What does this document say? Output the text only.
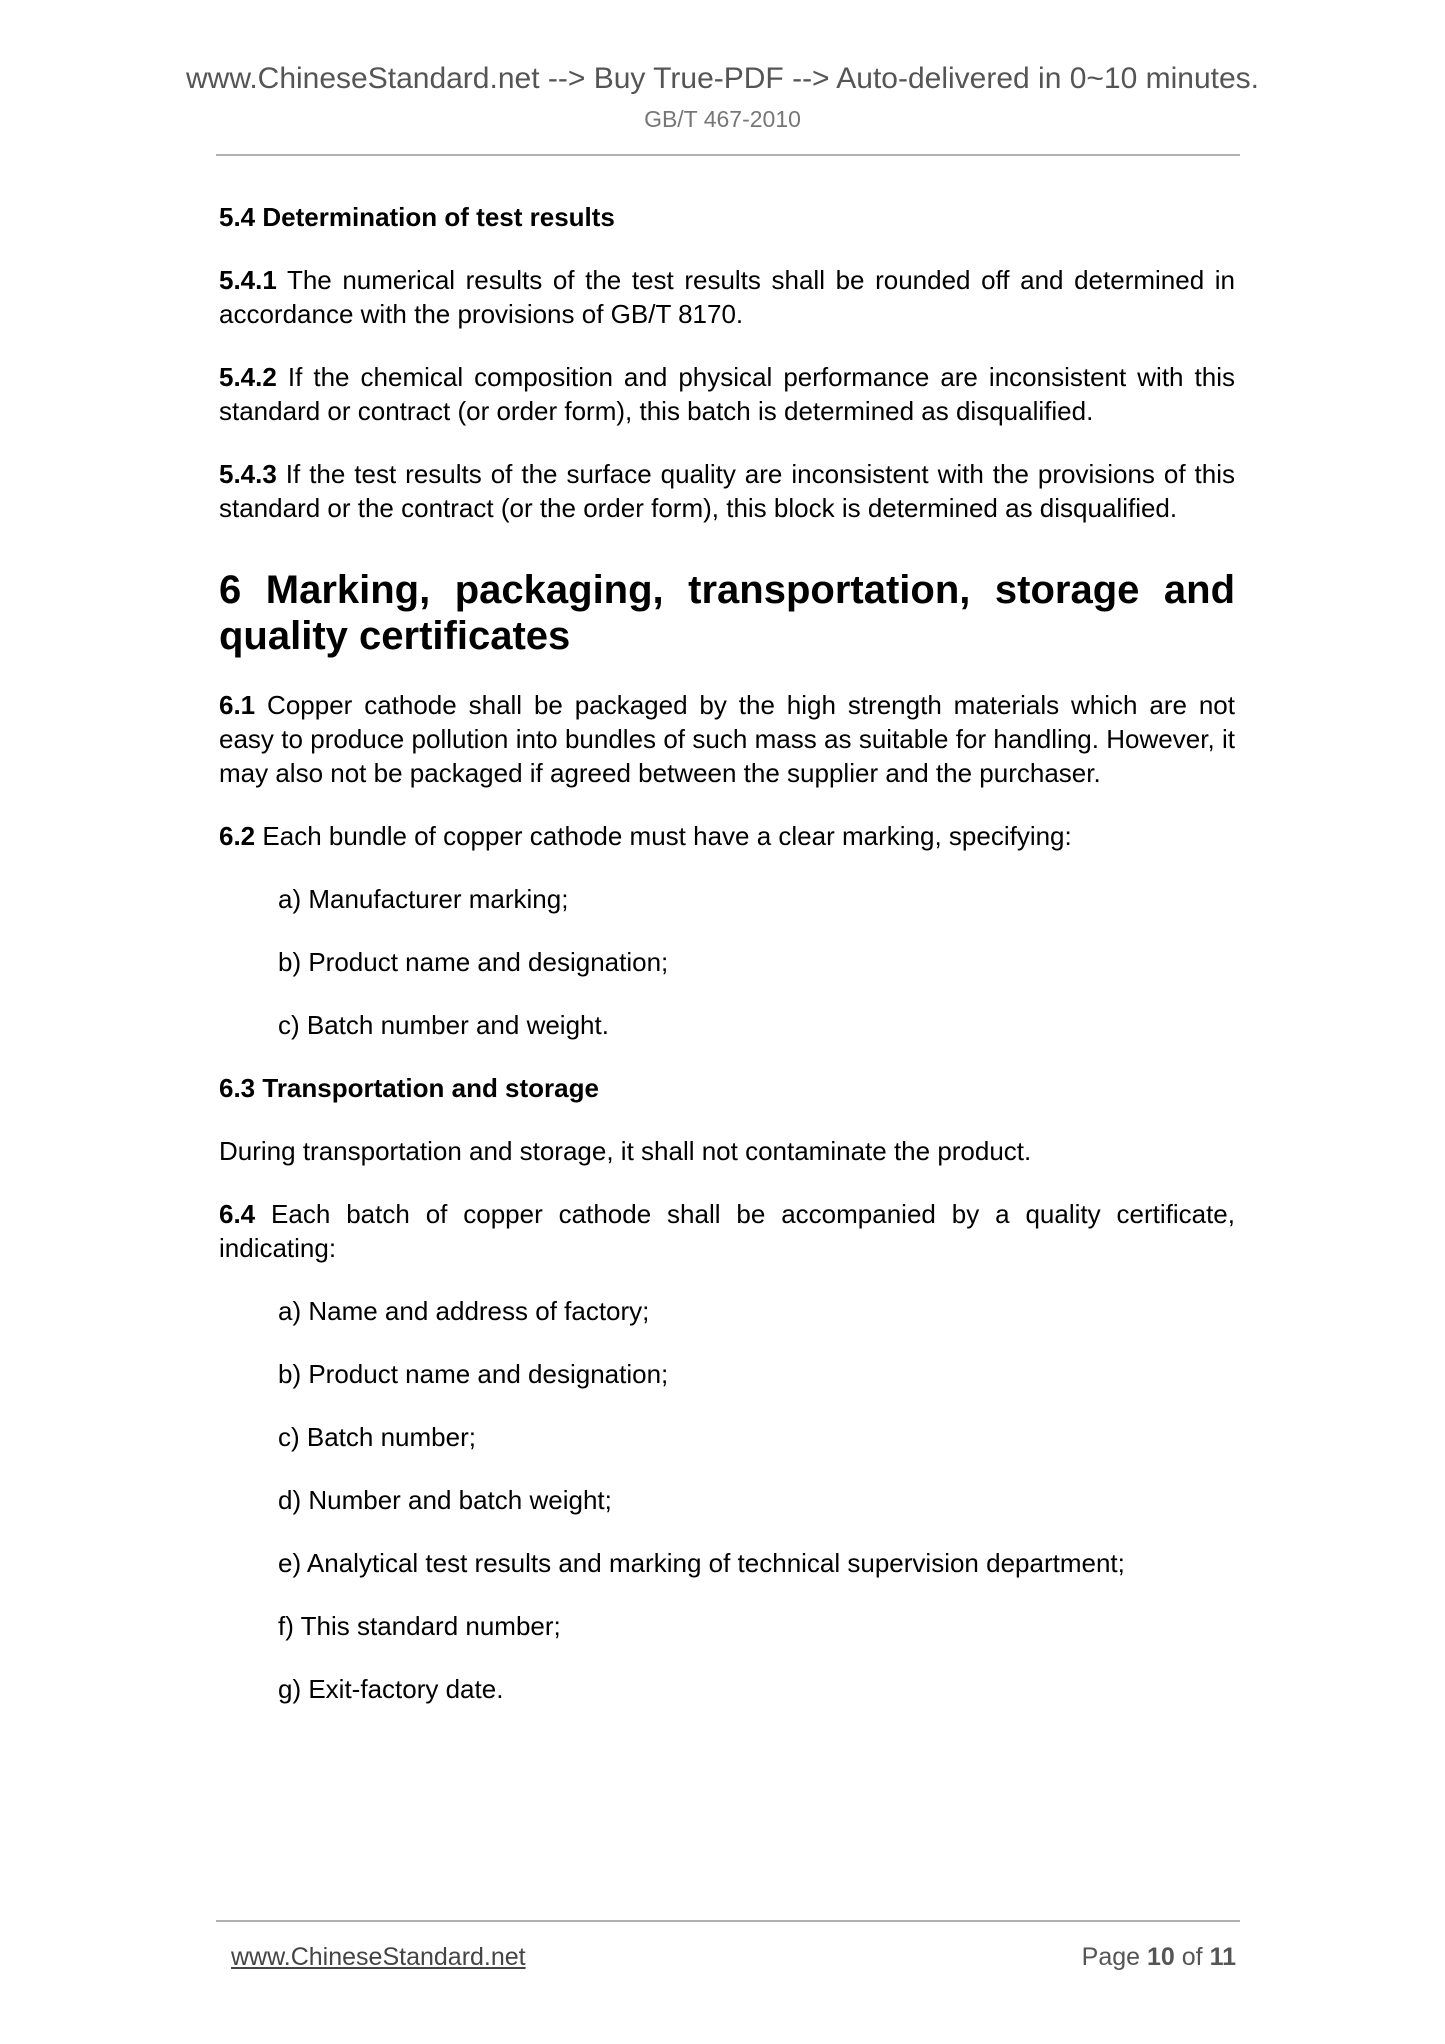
www.ChineseStandard.net --> Buy True-PDF --> Auto-delivered in 0~10 minutes.
GB/T 467-2010
5.4 Determination of test results

5.4.1 The numerical results of the test results shall be rounded off and determined in accordance with the provisions of GB/T 8170.

5.4.2 If the chemical composition and physical performance are inconsistent with this standard or contract (or order form), this batch is determined as disqualified.

5.4.3 If the test results of the surface quality are inconsistent with the provisions of this standard or the contract (or the order form), this block is determined as disqualified.

6 Marking, packaging, transportation, storage and quality certificates

6.1 Copper cathode shall be packaged by the high strength materials which are not easy to produce pollution into bundles of such mass as suitable for handling. However, it may also not be packaged if agreed between the supplier and the purchaser.

6.2 Each bundle of copper cathode must have a clear marking, specifying:

a) Manufacturer marking;
b) Product name and designation;
c) Batch number and weight.
6.3 Transportation and storage

During transportation and storage, it shall not contaminate the product.

6.4 Each batch of copper cathode shall be accompanied by a quality certificate, indicating:

a) Name and address of factory;
b) Product name and designation;
c) Batch number;
d) Number and batch weight;
e) Analytical test results and marking of technical supervision department;
f) This standard number;
g) Exit-factory date.
www.ChineseStandard.net	Page 10 of 11
